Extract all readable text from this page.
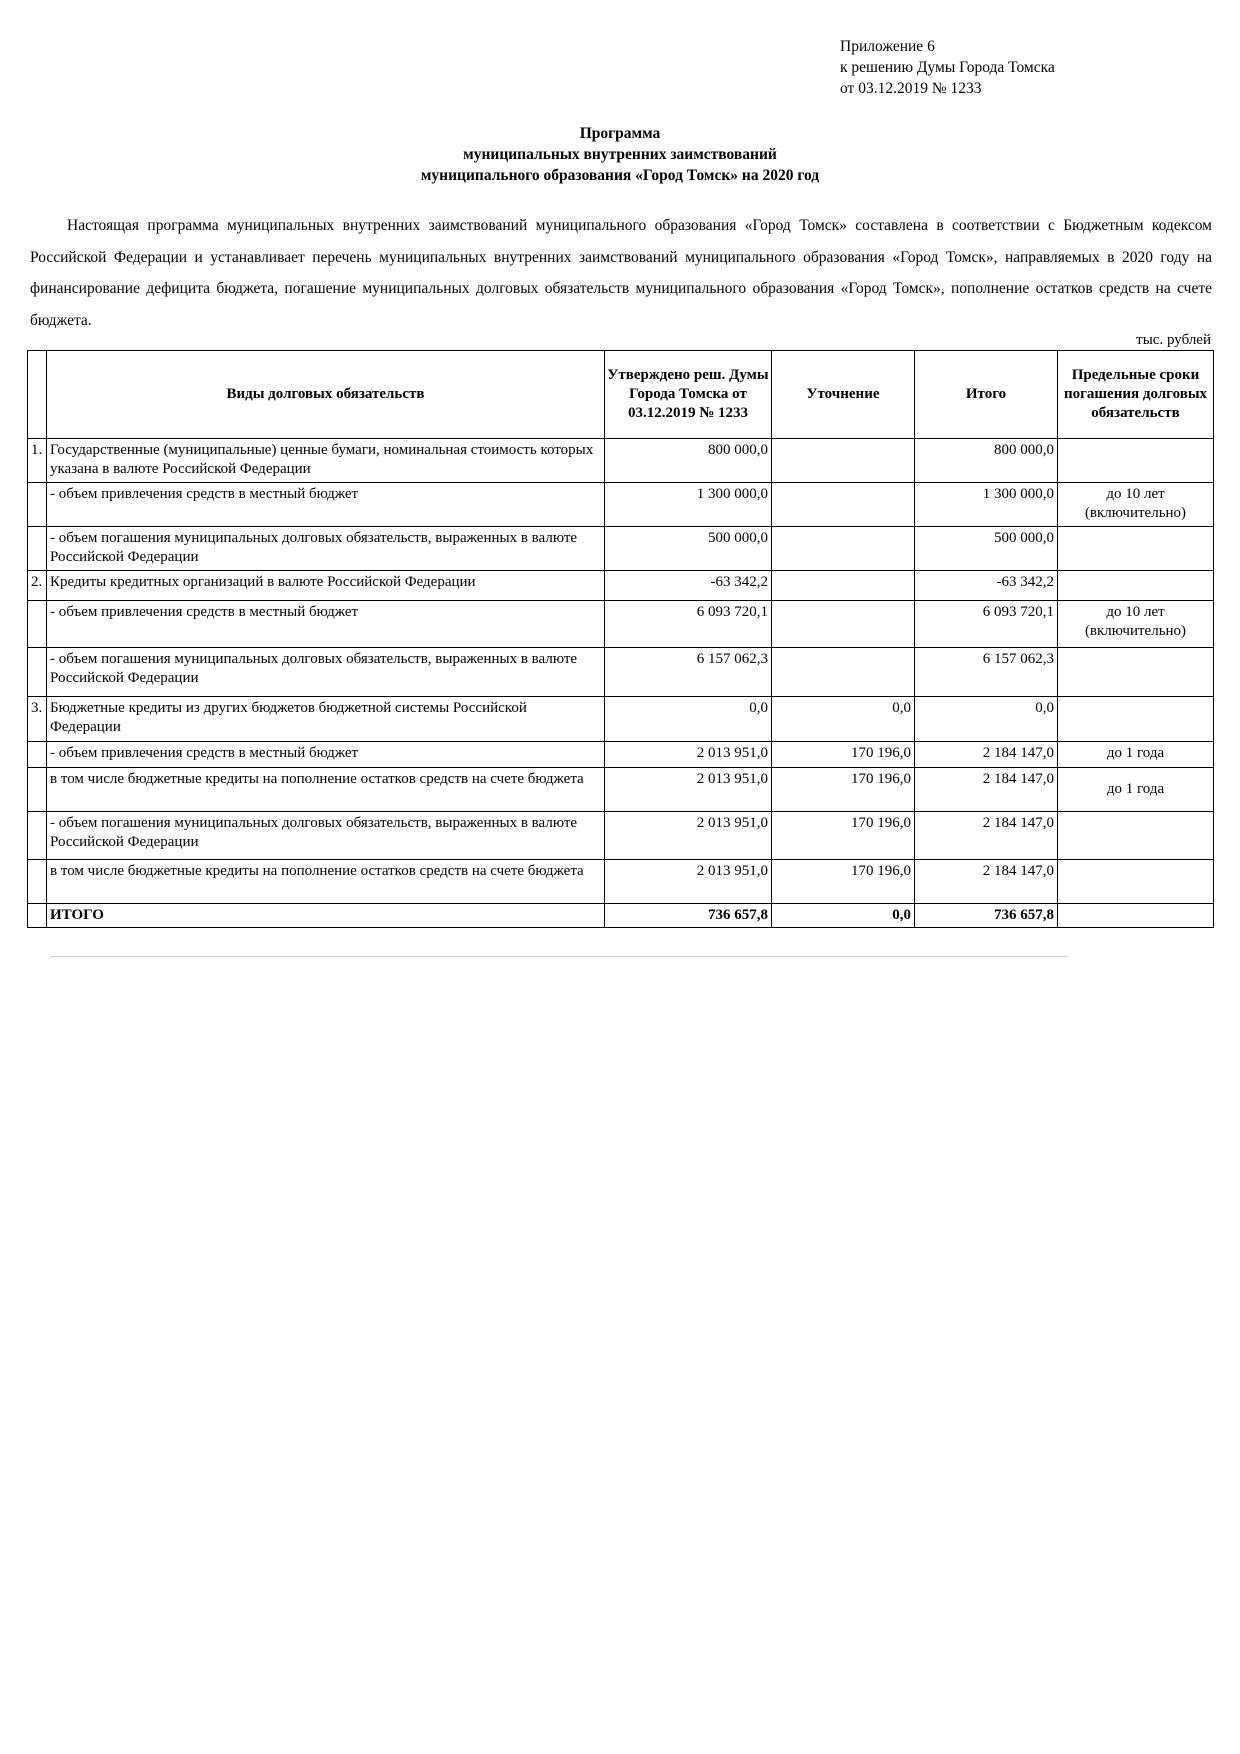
Приложение 6
к решению Думы Города Томска
от 03.12.2019 № 1233
Программа
муниципальных внутренних заимствований
муниципального образования «Город Томск» на 2020 год
Настоящая программа муниципальных внутренних заимствований муниципального образования «Город Томск» составлена в соответствии с Бюджетным кодексом Российской Федерации и устанавливает перечень муниципальных внутренних заимствований муниципального образования «Город Томск», направляемых в 2020 году на финансирование дефицита бюджета, погашение муниципальных долговых обязательств муниципального образования «Город Томск», пополнение остатков средств на счете бюджета.
тыс. рублей
	Виды долговых обязательств	Утверждено реш. Думы Города Томска от 03.12.2019 № 1233	Уточнение	Итого	Предельные сроки погашения долговых обязательств
1.	Государственные (муниципальные) ценные бумаги, номинальная стоимость которых указана в валюте Российской Федерации	800 000,0		800 000,0	
	- объем привлечения средств в местный бюджет	1 300 000,0		1 300 000,0	до 10 лет (включительно)
	- объем погашения муниципальных долговых обязательств, выраженных в валюте Российской Федерации	500 000,0		500 000,0	
2.	Кредиты кредитных организаций в валюте Российской Федерации	-63 342,2		-63 342,2	
	- объем привлечения средств в местный бюджет	6 093 720,1		6 093 720,1	до 10 лет (включительно)
	- объем погашения муниципальных долговых обязательств, выраженных в валюте Российской Федерации	6 157 062,3		6 157 062,3	
3.	Бюджетные кредиты из других бюджетов бюджетной системы Российской Федерации	0,0	0,0	0,0	
	- объем привлечения средств в местный бюджет	2 013 951,0	170 196,0	2 184 147,0	до 1 года
	в том числе бюджетные кредиты на пополнение остатков средств на счете бюджета	2 013 951,0	170 196,0	2 184 147,0	до 1 года
	- объем погашения муниципальных долговых обязательств, выраженных в валюте Российской Федерации	2 013 951,0	170 196,0	2 184 147,0	
	в том числе бюджетные кредиты на пополнение остатков средств на счете бюджета	2 013 951,0	170 196,0	2 184 147,0	
	ИТОГО	736 657,8	0,0	736 657,8	
